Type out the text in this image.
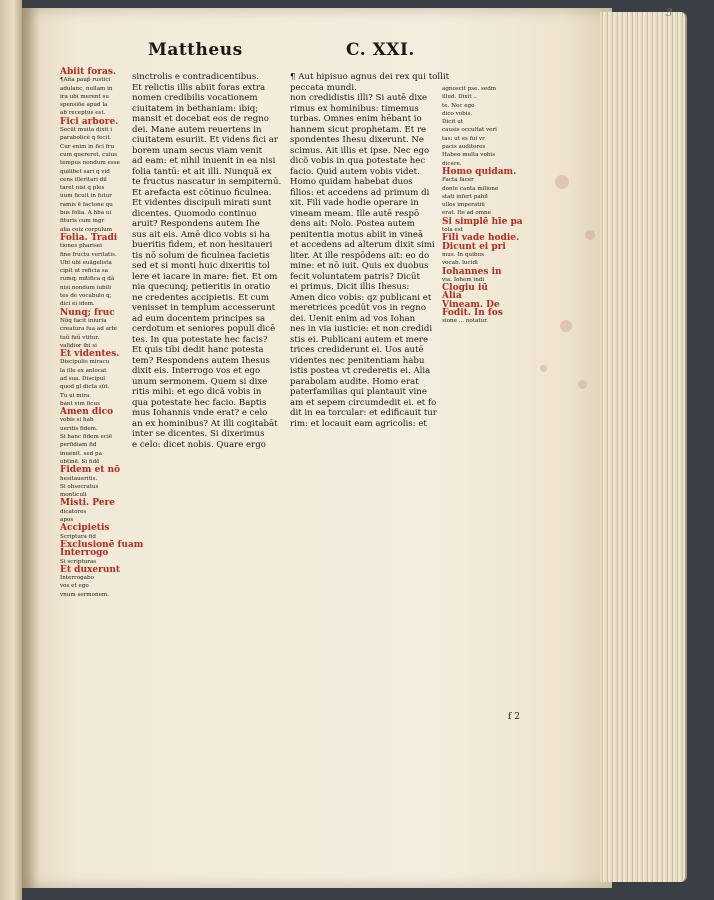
Mattheus	C. XXI.
3
Abiit foras.
¶Aña paup̃ rustici
adulanc, nullam in
ira ubi merent su
spensiōe apud la
ab receptus est.
Fici arbore.
Secūt muita dixit i
parabolicè q fecit.
Cur enim in fici fru
cum quereret, cuius
tempus nondum esse
quilibet sari q vid
cens illeritari dil
taret nisi q ples
uum ficuit in futur
ramis ē factone qu
bus folia. A hba ui
fituris cum ingr
alia ceiz corpulum
Folia. Tradi
tiones pharisei
fine fructu veritatis.
Ubi ubi euāgelista
cipit ut reficia sa
rumq; mitifica q dã
nisi nondum iubili
tes de vocabulo q;
dici ei idem.
Nunq; fruc
Nõq facit iniuria
creatura fua ad arbi
tuũ fuũ vtitur.
validior ibi si
Et videntes.
Discipulis miracu
la ille ex anlocat
ad sua. Discipul
quod gl dicta sūt.
Tu ui mira
bant vim ficus
Amen dico
vobis si hab
ueritis fidem.
Si hanc fidem eciē
perfidiam fid
inuenit. sed pa
obtinē. Si fidē
Fidem et nō
hesitaueritis.
Si obsecratus
monticuli
Misti. Pere
dicatores
apos
Accipietis
Scriptura fid
Exclusionē fuam
Interrogo
Si scripturas
Et duxerunt
Interrogabo
vos et ego
vnum sermonem.
sinctrolis e contradicentibus.
Et relictis illis abiit foras extra
nomen credibilis vocationem
ciuitatem in bethaniam: ibiq;
mansit et docebat eos de regno
dei. Mane autem reuertens in
ciuitatem esuriit. Et videns fici ar
borem unam secus viam venit
ad eam: et nihil inuenit in ea nisi
folia tantū: et ait illi. Nunquã ex
te fructus nascatur in sempiternū.
Et arefacta est cōtinuo ficulnea.
Et videntes discipuli mirati sunt
dicentes. Quomodo continuo
aruit? Respondens autem Ihe
sus ait eis. Amē dico vobis si ha
bueritis fidem, et non hesitaueri
tis nō solum de ficulnea facietis
sed et si monti huic dixeritis tol
lere et iacare in mare: fiet. Et om
nia quecunq; petieritis in oratio
ne credentes accipietis. Et cum
venisset in templum accesserunt
ad eum docentem principes sa
cerdotum et seniores populi dicē
tes. In qua potestate hec facis?
Et quis tibi dedit hanc potesta
tem? Respondens autem Ihesus
dixit eis. Interrogo vos et ego
unum sermonem. Quem si dixe
ritis mihi: et ego dicã vobis in
qua potestate hec facio. Baptis
mus Iohannis vnde erat? e celo
an ex hominibus? At illi cogitabāt
inter se dicentes. Si dixerimus
e celo: dicet nobis. Quare ergo
¶ Aut hipisuo agnus dei rex qui tollit
peccata mundi.
non credidistis illi? Si autē dixe
rimus ex hominibus: timemus
turbas. Omnes enim hēbant io
hannem sicut prophetam. Et re
spondentes Ihesu dixerunt. Ne
scimus. Ait illis et ipse. Nec ego
dicõ vobis in qua potestate hec
facio. Quid autem vobis videt.
Homo quidam habebat duos
filios: et accedens ad primum di
xit. Fili vade hodie operare in
vineam meam. Ille autē respō
dens ait: Nolo. Postea autem
penitentia motus abiit in vineā
et accedens ad alterum dixit simi
liter. At ille respōdens ait: eo do
mine: et nō iuit. Quis ex duobus
fecit voluntatem patris? Dicūt
ei primus. Dicit illis Ihesus:
Amen dico vobis: qz publicani et
meretrices pcedūt vos in regno
dei. Uenit enim ad vos Iohan
nes in via iusticie: et non credidi
stis ei. Publicani autem et mere
trices crediderunt ei. Uos autē
videntes nec penitentiam habu
istis postea vt crederetis ei. Alia
parabolam audite. Homo erat
paterfamilias qui plantauit vine
am et sepem circumdedit ei. et fo
dit in ea torcular: et edificauit tur
rim: et locauit eam agricolis: et
agnoscit pse. sedm
illud. Dixit ..
te. Nec ego
dico vobis.
Dicit ut
causis occultat veri
tas: ut es fui vr
pacis auditores
Habeo multa vobis
dicere.
Homo quidam.
Facta facer
donte canta milione
stati infert pabil
ullos imperatiū
erat. Ite ad omne
Si simplē hīe pa
tola est
Fili vade hodie.
Dicunt ei pri
mus. In quibus
vocab. lucidi
Iohannes in
via. Iohem indi
Clogiu iū
Alia
Vineam. De
Fodit. In fos
sione ... notatur.
f 2
